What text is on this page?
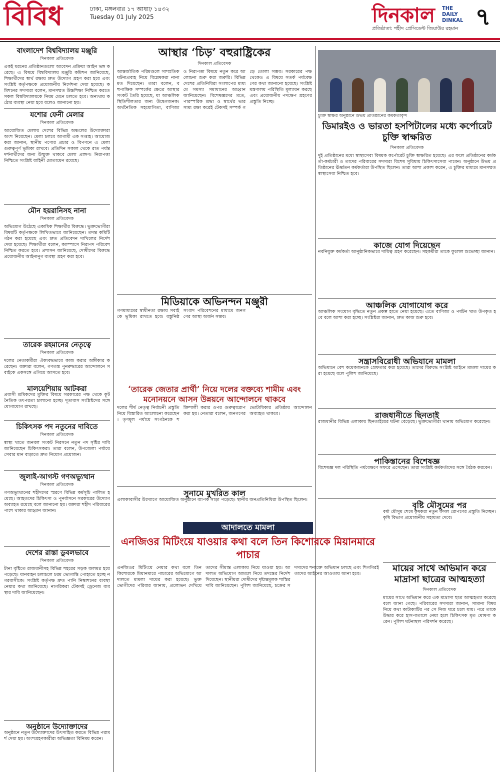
বিবিধ	ঢাকা, মঙ্গলবার ১৭ আষাঢ় ১৪৩২
Tuesday 01 July 2025	দিনকাল	THE DAILY DINKAL
প্রতিষ্ঠাতা: শহীদ প্রেসিডেন্ট জিয়াউর রহমান ৭
বাংলাদেশ বিশ্ববিদ্যালয় মঞ্জুরি
দিনকাল প্রতিবেদক
একই ধরনের প্রতিষ্ঠানগুলো আবেদন প্রক্রিয়া আইন ভঙ্গ করেছে। এ বিষয়ে বিশ্ববিদ্যালয় মঞ্জুরি কমিশন জানিয়েছে, শিক্ষার্থীদের স্বার্থ রক্ষায় দ্রুত উদ্যোগ গ্রহণ করা হবে এবং সংশ্লিষ্ট কর্তৃপক্ষকে প্রয়োজনীয় নির্দেশনা দেয়া হয়েছে। কমিশনের সদস্যরা বলেন, মানসম্মত উচ্চশিক্ষা নিশ্চিত করতে সকল বিশ্ববিদ্যালয়কে নিয়ম মেনে চলতে হবে। অন্যথায় কঠোর ব্যবস্থা নেয়া হবে বলেও জানানো হয়।
যশোর ফেনী মেলার
দিনকাল প্রতিবেদক
আয়োজিত মেলায় দেশের বিভিন্ন অঞ্চলের উদ্যোক্তারা অংশ নিয়েছেন। মেলা চলবে আগামী এক সপ্তাহ। আয়োজকরা জানান, স্থানীয় পণ্যের প্রচার ও বিপণনে এ মেলা গুরুত্বপূর্ণ ভূমিকা রাখবে। প্রতিদিন সকাল থেকে রাত পর্যন্ত দর্শনার্থীদের জন্য উন্মুক্ত থাকবে মেলা প্রাঙ্গণ। নিরাপত্তা নিশ্চিতে সংশ্লিষ্ট বাহিনী মোতায়েন রয়েছে।
মৌন হয়রানিসহ নানা
দিনকাল প্রতিবেদক
অভিযোগ উঠেছে একাধিক শিক্ষার্থীর বিরুদ্ধে। ভুক্তভোগীরা বিষয়টি কর্তৃপক্ষকে লিখিতভাবে জানিয়েছেন। তদন্ত কমিটি গঠন করা হয়েছে এবং দ্রুত প্রতিবেদন দাখিলের নির্দেশ দেয়া হয়েছে। শিক্ষার্থীরা বলেন, ক্যাম্পাসে নিরাপদ পরিবেশ নিশ্চিত করতে হবে। প্রশাসন জানিয়েছে, দোষীদের বিরুদ্ধে প্রয়োজনীয় আইনানুগ ব্যবস্থা গ্রহণ করা হবে।
তারেক রহমানের নেতৃত্বে
দিনকাল প্রতিবেদক
দলের নেতাকর্মীরা ঐক্যবদ্ধভাবে কাজ করার অঙ্গীকার করেছেন। বক্তারা বলেন, গণতন্ত্র পুনরুদ্ধারের আন্দোলনে সবাইকে একসঙ্গে এগিয়ে আসতে হবে।
মালয়েশিয়ায় আটকরা
প্রবাসী শ্রমিকদের মুক্তির বিষয়ে সরকারের পক্ষ থেকে কূটনৈতিক তৎপরতা চালানো হচ্ছে। দূতাবাস সংশ্লিষ্টদের সঙ্গে যোগাযোগ রাখছে।
চিকিৎসক পদ নতুনের দাবিতে
দিনকাল প্রতিবেদক
স্বাস্থ্য খাতে জনবল সংকট নিরসনে নতুন পদ সৃষ্টির দাবি জানিয়েছেন চিকিৎসকরা। তারা বলেন, উপজেলা পর্যায়ে সেবার মান বাড়াতে দ্রুত নিয়োগ প্রয়োজন।
জুলাই-আগস্ট গণঅভ্যুত্থান
দিনকাল প্রতিবেদক
গণঅভ্যুত্থানের শহীদদের স্মরণে বিভিন্ন কর্মসূচি পালিত হয়েছে। আহতদের চিকিৎসা ও পুনর্বাসনে সরকারের উদ্যোগ অব্যাহত রয়েছে বলে জানানো হয়। বক্তারা শহীদ পরিবারের পাশে থাকার আহ্বান জানান।
দেশের রাস্তা ডুবলভাবে
দিনকাল প্রতিবেদক
টানা বৃষ্টিতে রাজধানীসহ বিভিন্ন শহরের সড়ক জলমগ্ন হয়ে পড়েছে। যানবাহন চলাচলে চরম ভোগান্তি পোহাতে হচ্ছে নগরবাসীকে। সংশ্লিষ্ট কর্তৃপক্ষ দ্রুত পানি নিষ্কাশনের ব্যবস্থা নেয়ার কথা জানিয়েছে। নাগরিকরা টেকসই ড্রেনেজ ব্যবস্থার দাবি জানিয়েছেন।
অনুষ্ঠানে উদ্যোক্তাদের
অনুষ্ঠানে নতুন উদ্যোক্তাদের উৎসাহিত করতে বিভিন্ন পরামর্শ দেয়া হয়। অংশগ্রহণকারীরা অভিজ্ঞতা বিনিময় করেন।
আস্থার ‘চিড়’ বহুরাষ্ট্রিকের
দিনকাল প্রতিবেদক
আন্তর্জাতিক পরিমণ্ডলে সাম্প্রতিক ঘটনাপ্রবাহ নিয়ে বিশ্লেষকরা নানা মত দিয়েছেন। তারা বলেন, বহুপাক্ষিক সম্পর্কের ক্ষেত্রে আস্থার সংকট তৈরি হয়েছে, যা আঞ্চলিক স্থিতিশীলতার জন্য উদ্বেগজনক। অর্থনৈতিক সহযোগিতা, বাণিজ্য ও নিরাপত্তা বিষয়ে নতুন করে আলোচনা শুরু করা জরুরি। বিভিন্ন দেশের প্রতিনিধিরা সংলাপের মাধ্যমে সমস্যা সমাধানের আহ্বান জানিয়েছেন। বিশেষজ্ঞদের মতে, পারস্পরিক শ্রদ্ধা ও স্বার্থের ভারসাম্য রক্ষা করেই টেকসই সম্পর্ক গড়ে তোলা সম্ভব। সরকারের পক্ষ থেকেও এ বিষয়ে সতর্ক পর্যবেক্ষণের কথা জানানো হয়েছে। সংশ্লিষ্ট মন্ত্রণালয় পরিস্থিতি মূল্যায়ন করছে এবং প্রয়োজনীয় পদক্ষেপ গ্রহণের প্রস্তুতি নিচ্ছে।
মিডিয়াকে অভিনন্দন মঞ্জুরী
গণমাধ্যমের স্বাধীনতা রক্ষায় সবাইকে ভূমিকা রাখতে হবে। বস্তুনিষ্ঠ সংবাদ পরিবেশনের মাধ্যমে জনগণের আস্থা অর্জন সম্ভব।
‘তারেক জেতার প্রার্থী’ নিয়ে দলের বক্তব্যে শামীম এবং মনোনয়নে আসন উন্নয়নে আন্দোলনে থাকবে
দলের শীর্ষ নেতৃত্ব নির্বাচনী প্রস্তুতি নিয়ে বিস্তারিত আলোচনা করেছেন। তৃণমূল পর্যায়ে সংগঠনকে শক্তিশালী করার ওপর গুরুত্বারোপ করা হয়। নেতারা বলেন, জনগণের ভোটাধিকার প্রতিষ্ঠায় আন্দোলন অব্যাহত থাকবে।
সুনামে মুখরিত কাল
এলাকাবাসীর উদ্যোগে আয়োজিত অনুষ্ঠানে ব্যাপক সাড়া পড়েছে। স্থানীয় জনপ্রতিনিধিরা উপস্থিত ছিলেন।
আদালতে মামলা
এনজিওর মিটিংয়ে যাওয়ার কথা বলে তিন কিশোরকে মিয়ানমারে পাচার
এনজিওর মিটিংয়ে নেয়ার কথা বলে তিন কিশোরকে মিয়ানমারে পাচারের অভিযোগে আদালতে মামলা দায়ের করা হয়েছে। ভুক্তভোগীদের পরিবার জানায়, প্রলোভন দেখিয়ে তাদের সীমান্ত এলাকায় নিয়ে যাওয়া হয়। আদালত অভিযোগ আমলে নিয়ে তদন্তের নির্দেশ দিয়েছেন। স্থানীয়রা দোষীদের দৃষ্টান্তমূলক শাস্তির দাবি জানিয়েছেন। পুলিশ জানিয়েছে, চক্রের সদস্যদের শনাক্তে অভিযান চলছে এবং শিগগিরই তাদের আইনের আওতায় আনা হবে।
চুক্তি স্বাক্ষর অনুষ্ঠানে উভয় প্রতিষ্ঠানের কর্মকর্তাবৃন্দ
ডিমারইও ও ভারতা হসপিটালের মধ্যে কর্পোরেট চুক্তি স্বাক্ষরিত
দিনকাল প্রতিবেদক
দুই প্রতিষ্ঠানের মধ্যে স্বাস্থ্যসেবা বিষয়ক কর্পোরেট চুক্তি স্বাক্ষরিত হয়েছে। এর ফলে প্রতিষ্ঠানের কর্মকর্তা-কর্মচারী ও তাদের পরিবারের সদস্যরা বিশেষ সুবিধায় চিকিৎসাসেবা পাবেন। অনুষ্ঠানে উভয় প্রতিষ্ঠানের ঊর্ধ্বতন কর্মকর্তারা উপস্থিত ছিলেন। তারা আশা প্রকাশ করেন, এ চুক্তির মাধ্যমে মানসম্মত স্বাস্থ্যসেবা নিশ্চিত হবে।
কাজে যোগ দিয়েছেন
নবনিযুক্ত কর্মকর্তা আনুষ্ঠানিকভাবে দায়িত্ব গ্রহণ করেছেন। সহকর্মীরা তাকে ফুলেল শুভেচ্ছা জানান।
আঞ্চলিক যোগাযোগ করে
আঞ্চলিক সংযোগ বৃদ্ধিতে নতুন প্রকল্প হাতে নেয়া হয়েছে। এতে বাণিজ্য ও পর্যটন খাত উপকৃত হবে বলে আশা করা হচ্ছে। সংশ্লিষ্টরা জানান, দ্রুত কাজ শুরু হবে।
সন্ত্রাসবিরোধী অভিযানে মামলা
অভিযানে বেশ কয়েকজনকে গ্রেফতার করা হয়েছে। তাদের বিরুদ্ধে সংশ্লিষ্ট আইনে মামলা দায়ের করা হয়েছে বলে পুলিশ জানিয়েছে।
রাজধানীতে ছিনতাই
রাজধানীর বিভিন্ন এলাকায় ছিনতাইয়ের ঘটনা বেড়েছে। ভুক্তভোগীরা থানায় অভিযোগ করেছেন।
পাকিস্তানের বিশেষজ্ঞ
বিশেষজ্ঞ দল পরিস্থিতি পর্যবেক্ষণে সফরে এসেছেন। তারা সংশ্লিষ্ট কর্মকর্তাদের সঙ্গে বৈঠক করবেন।
বৃষ্টি মৌসুমের পর
বর্ষা মৌসুম শেষে কৃষকরা নতুন ফসল রোপণের প্রস্তুতি নিচ্ছেন। কৃষি বিভাগ প্রয়োজনীয় সহায়তা দেবে।
মায়ের সাথে অভিমান করে মাদ্রাসা ছাত্রের আত্মহত্যা
দিনকাল প্রতিবেদক
মায়ের সাথে অভিমান করে এক মাদ্রাসা ছাত্র আত্মহত্যা করেছে বলে জানা গেছে। পরিবারের সদস্যরা জানান, সামান্য বিষয় নিয়ে কথা কাটাকাটির পর সে নিজ ঘরে চলে যায়। পরে তাকে উদ্ধার করে হাসপাতালে নেয়া হলে চিকিৎসক মৃত ঘোষণা করেন। পুলিশ ঘটনাস্থল পরিদর্শন করেছে।
